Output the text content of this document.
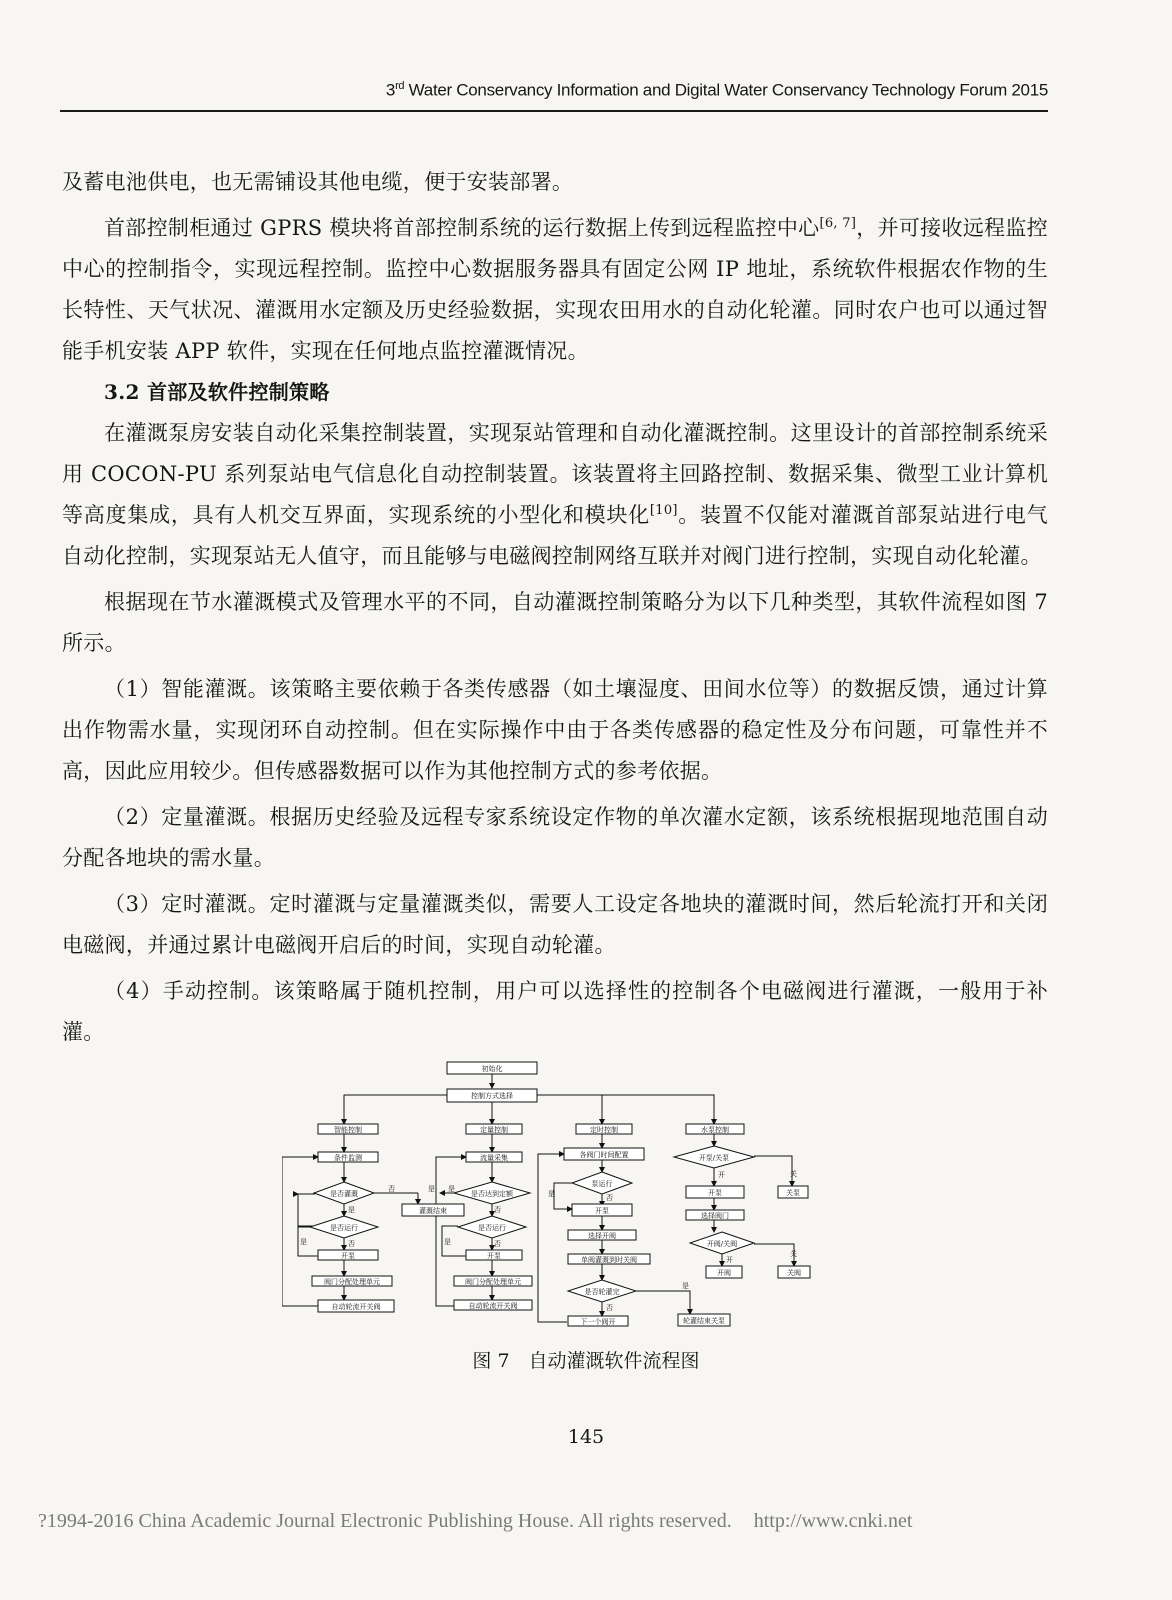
3rd Water Conservancy Information and Digital Water Conservancy Technology Forum 2015

及蓄电池供电，也无需铺设其他电缆，便于安装部署。

首部控制柜通过 GPRS 模块将首部控制系统的运行数据上传到远程监控中心[6, 7]，并可接收远程监控中心的控制指令，实现远程控制。监控中心数据服务器具有固定公网 IP 地址，系统软件根据农作物的生长特性、天气状况、灌溉用水定额及历史经验数据，实现农田用水的自动化轮灌。同时农户也可以通过智能手机安装 APP 软件，实现在任何地点监控灌溉情况。

3.2 首部及软件控制策略

在灌溉泵房安装自动化采集控制装置，实现泵站管理和自动化灌溉控制。这里设计的首部控制系统采用 COCON-PU 系列泵站电气信息化自动控制装置。该装置将主回路控制、数据采集、微型工业计算机等高度集成，具有人机交互界面，实现系统的小型化和模块化[10]。装置不仅能对灌溉首部泵站进行电气自动化控制，实现泵站无人值守，而且能够与电磁阀控制网络互联并对阀门进行控制，实现自动化轮灌。

根据现在节水灌溉模式及管理水平的不同，自动灌溉控制策略分为以下几种类型，其软件流程如图 7 所示。

（1）智能灌溉。该策略主要依赖于各类传感器（如土壤湿度、田间水位等）的数据反馈，通过计算出作物需水量，实现闭环自动控制。但在实际操作中由于各类传感器的稳定性及分布问题，可靠性并不高，因此应用较少。但传感器数据可以作为其他控制方式的参考依据。

（2）定量灌溉。根据历史经验及远程专家系统设定作物的单次灌水定额，该系统根据现地范围自动分配各地块的需水量。

（3）定时灌溉。定时灌溉与定量灌溉类似，需要人工设定各地块的灌溉时间，然后轮流打开和关闭电磁阀，并通过累计电磁阀开启后的时间，实现自动轮灌。

（4）手动控制。该策略属于随机控制，用户可以选择性的控制各个电磁阀进行灌溉，一般用于补灌。

初始化
控制方式选择
智能控制	定量控制	定时控制	水泵控制
条件监测	流量采集	各阀门时间配置	开泵/关泵
是否灌溉	是否达到定额
泵运行
灌溉结束	开泵
开泵	关泵
是否运行	是否运行
选择阀门
选择开阀
开阀/关阀
开泵	开泵	单阀灌溉到时关阀
开阀	关阀
阀门分配处理单元	阀门分配处理单元
是否轮灌完
自动轮流开关阀	自动轮流开关阀
下一个阀开	轮灌结束关泵
否	是
是
是
否
是	否	是	否
是	否
否
是
开	关
开
关
图 7　自动灌溉软件流程图
145
?1994-2016 China Academic Journal Electronic Publishing House. All rights reserved. http://www.cnki.net
